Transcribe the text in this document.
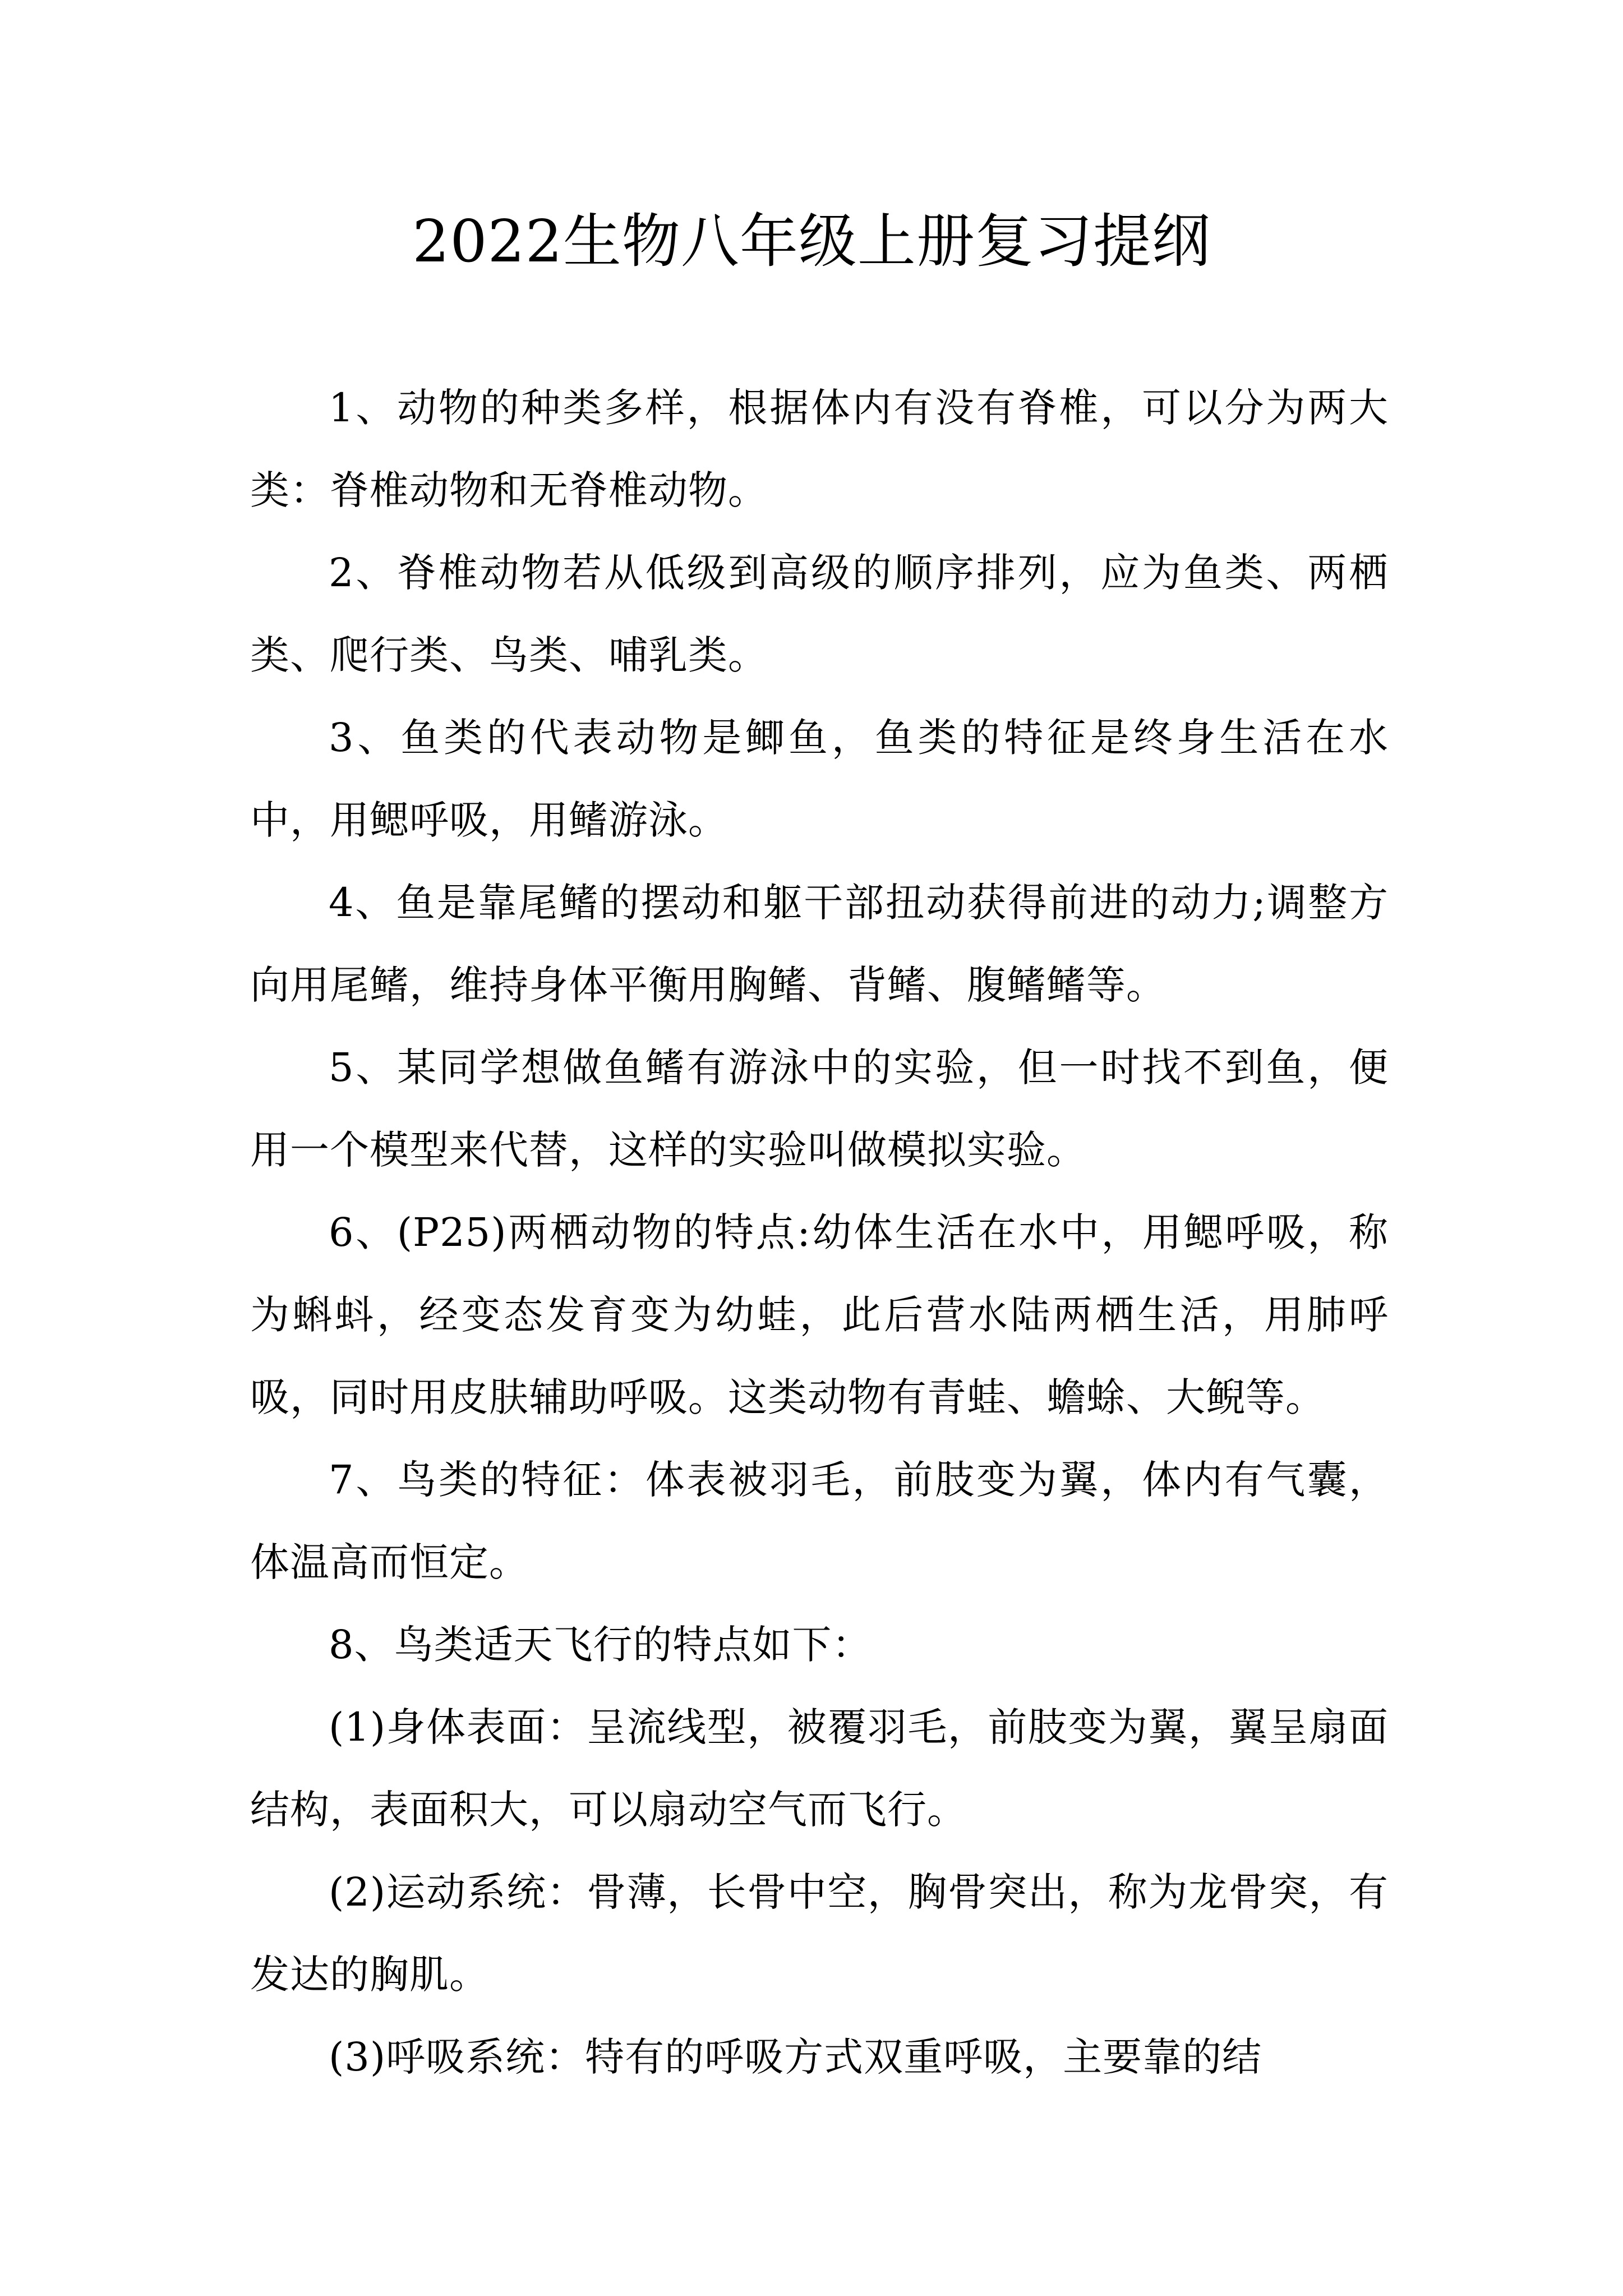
2022生物八年级上册复习提纲

1、动物的种类多样，根据体内有没有脊椎，可以分为两大类：脊椎动物和无脊椎动物。

2、脊椎动物若从低级到高级的顺序排列，应为鱼类、两栖类、爬行类、鸟类、哺乳类。

3、鱼类的代表动物是鲫鱼，鱼类的特征是终身生活在水中，用鳃呼吸，用鳍游泳。

4、鱼是靠尾鳍的摆动和躯干部扭动获得前进的动力;调整方向用尾鳍，维持身体平衡用胸鳍、背鳍、腹鳍鳍等。

5、某同学想做鱼鳍有游泳中的实验，但一时找不到鱼，便用一个模型来代替，这样的实验叫做模拟实验。

6、(P25)两栖动物的特点:幼体生活在水中，用鳃呼吸，称为蝌蚪，经变态发育变为幼蛙，此后营水陆两栖生活，用肺呼吸，同时用皮肤辅助呼吸。这类动物有青蛙、蟾蜍、大鲵等。

7、鸟类的特征：体表被羽毛，前肢变为翼，体内有气囊，体温高而恒定。

8、鸟类适天飞行的特点如下：

(1)身体表面：呈流线型，被覆羽毛，前肢变为翼，翼呈扇面结构，表面积大，可以扇动空气而飞行。

(2)运动系统：骨薄，长骨中空，胸骨突出，称为龙骨突，有发达的胸肌。

(3)呼吸系统：特有的呼吸方式双重呼吸，主要靠的结
